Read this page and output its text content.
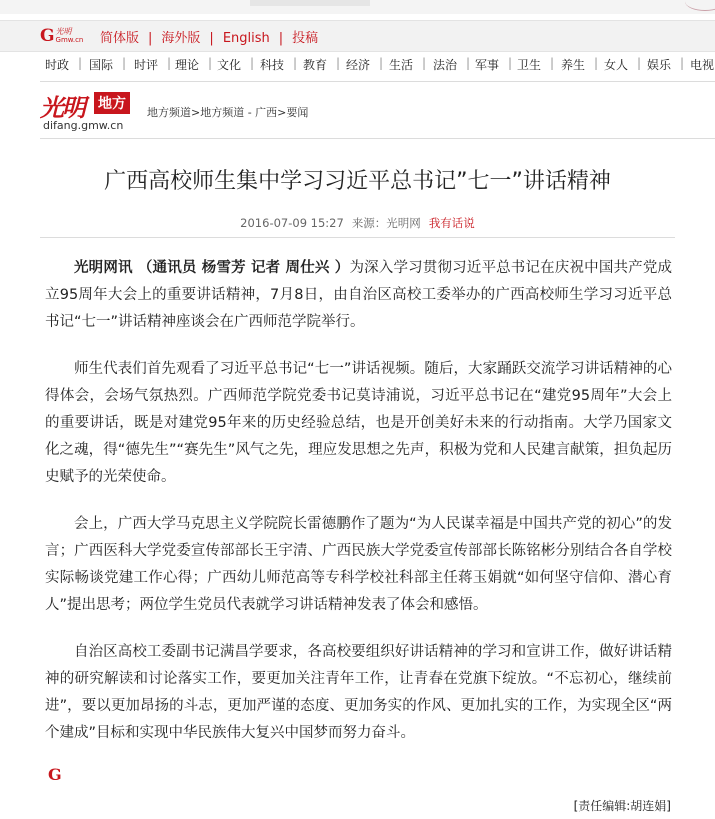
G 光明
Gmw.cn 简体版 | 海外版 | English | 投稿
时政 | 国际 | 时评 | 理论 | 文化 | 科技 | 教育 | 经济 | 生活 | 法治 | 军事 | 卫生 | 养生 | 女人 | 娱乐 | 电视
光明 地方
difang.gmw.cn
地方频道>地方频道 - 广西>要闻
广西高校师生集中学习习近平总书记”七一”讲话精神
2016-07-09 15:27 来源：光明网 我有话说

光明网讯 （通讯员 杨雪芳 记者 周仕兴 ）为深入学习贯彻习近平总书记在庆祝中国共产党成立95周年大会上的重要讲话精神，7月8日，由自治区高校工委举办的广西高校师生学习习近平总书记“七一”讲话精神座谈会在广西师范学院举行。

师生代表们首先观看了习近平总书记“七一”讲话视频。随后，大家踊跃交流学习讲话精神的心得体会，会场气氛热烈。广西师范学院党委书记莫诗浦说，习近平总书记在“建党95周年”大会上的重要讲话，既是对建党95年来的历史经验总结，也是开创美好未来的行动指南。大学乃国家文化之魂，得“德先生”“赛先生”风气之先，理应发思想之先声，积极为党和人民建言献策，担负起历史赋予的光荣使命。

会上，广西大学马克思主义学院院长雷德鹏作了题为“为人民谋幸福是中国共产党的初心”的发言；广西医科大学党委宣传部部长王宇清、广西民族大学党委宣传部部长陈铭彬分别结合各自学校实际畅谈党建工作心得；广西幼儿师范高等专科学校社科部主任蒋玉娟就“如何坚守信仰、潜心育人”提出思考；两位学生党员代表就学习讲话精神发表了体会和感悟。

自治区高校工委副书记满昌学要求，各高校要组织好讲话精神的学习和宣讲工作，做好讲话精神的研究解读和讨论落实工作，要更加关注青年工作，让青春在党旗下绽放。“不忘初心，继续前进”，要以更加昂扬的斗志，更加严谨的态度、更加务实的作风、更加扎实的工作，为实现全区“两个建成”目标和实现中华民族伟大复兴中国梦而努力奋斗。

G
[责任编辑:胡连娟]
